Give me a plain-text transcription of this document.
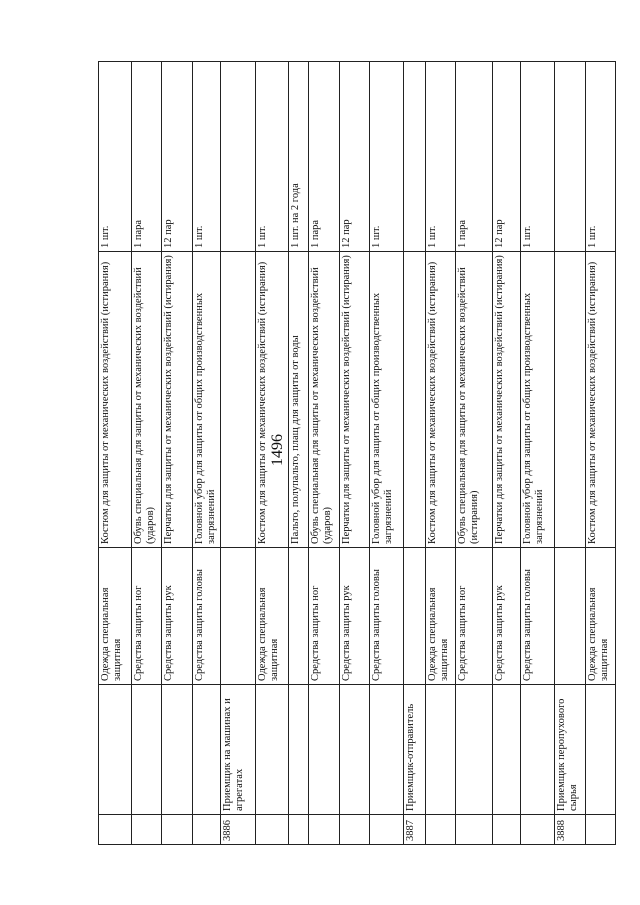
1496
		Одежда специальная защитная	Костюм для защиты от механических воздействий (истирания)	1 шт.
		Средства защиты ног	Обувь специальная для защиты от механических воздействий (ударов)	1 пара
		Средства защиты рук	Перчатки для защиты от механических воздействий (истирания)	12 пар
		Средства защиты головы	Головной убор для защиты от общих производственных загрязнений	1 шт.
3886	Приемщик на машинах и агрегатах			
		Одежда специальная защитная	Костюм для защиты от механических воздействий (истирания)	1 шт.
			Пальто, полупальто, плащ для защиты от воды	1 шт. на 2 года
		Средства защиты ног	Обувь специальная для защиты от механических воздействий (ударов)	1 пара
		Средства защиты рук	Перчатки для защиты от механических воздействий (истирания)	12 пар
		Средства защиты головы	Головной убор для защиты от общих производственных загрязнений	1 шт.
3887	Приемщик-отправитель			
		Одежда специальная защитная	Костюм для защиты от механических воздействий (истирания)	1 шт.
		Средства защиты ног	Обувь специальная для защиты от механических воздействий (истирания)	1 пара
		Средства защиты рук	Перчатки для защиты от механических воздействий (истирания)	12 пар
		Средства защиты головы	Головной убор для защиты от общих производственных загрязнений	1 шт.
3888	Приемщик перопухового сырья			
		Одежда специальная защитная	Костюм для защиты от механических воздействий (истирания)	1 шт.
